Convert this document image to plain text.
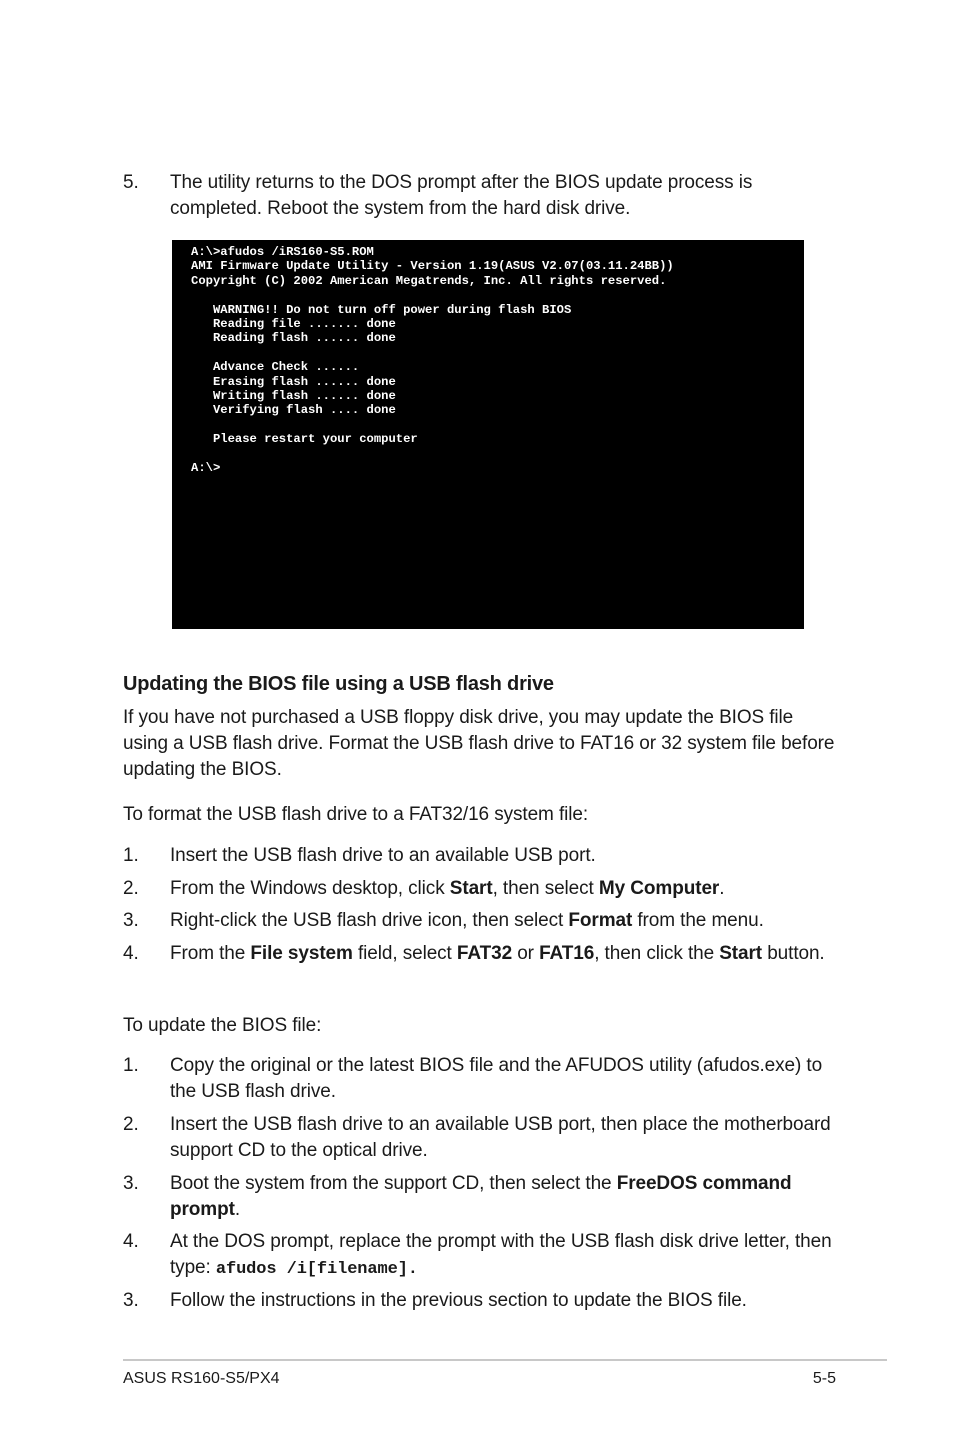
5. The utility returns to the DOS prompt after the BIOS update process is completed. Reboot the system from the hard disk drive.
A:\>afudos /iRS160-S5.ROM
AMI Firmware Update Utility - Version 1.19(ASUS V2.07(03.11.24BB))
Copyright (C) 2002 American Megatrends, Inc. All rights reserved.

WARNING!! Do not turn off power during flash BIOS
Reading file ....... done
Reading flash ...... done

Advance Check ......
Erasing flash ...... done
Writing flash ...... done
Verifying flash .... done

Please restart your computer

A:\>
Updating the BIOS file using a USB flash drive
If you have not purchased a USB floppy disk drive, you may update the BIOS file using a USB flash drive. Format the USB flash drive to FAT16 or 32 system file before updating the BIOS.
To format the USB flash drive to a FAT32/16 system file:
1. Insert the USB flash drive to an available USB port.
2. From the Windows desktop, click Start, then select My Computer.
3. Right-click the USB flash drive icon, then select Format from the menu.
4. From the File system field, select FAT32 or FAT16, then click the Start button.
To update the BIOS file:
1. Copy the original or the latest BIOS file and the AFUDOS utility (afudos.exe) to the USB flash drive.
2. Insert the USB flash drive to an available USB port, then place the motherboard support CD to the optical drive.
3. Boot the system from the support CD, then select the FreeDOS command prompt.
4. At the DOS prompt, replace the prompt with the USB flash disk drive letter, then type: afudos /i[filename].
3. Follow the instructions in the previous section to update the BIOS file.
ASUS RS160-S5/PX4	5-5
